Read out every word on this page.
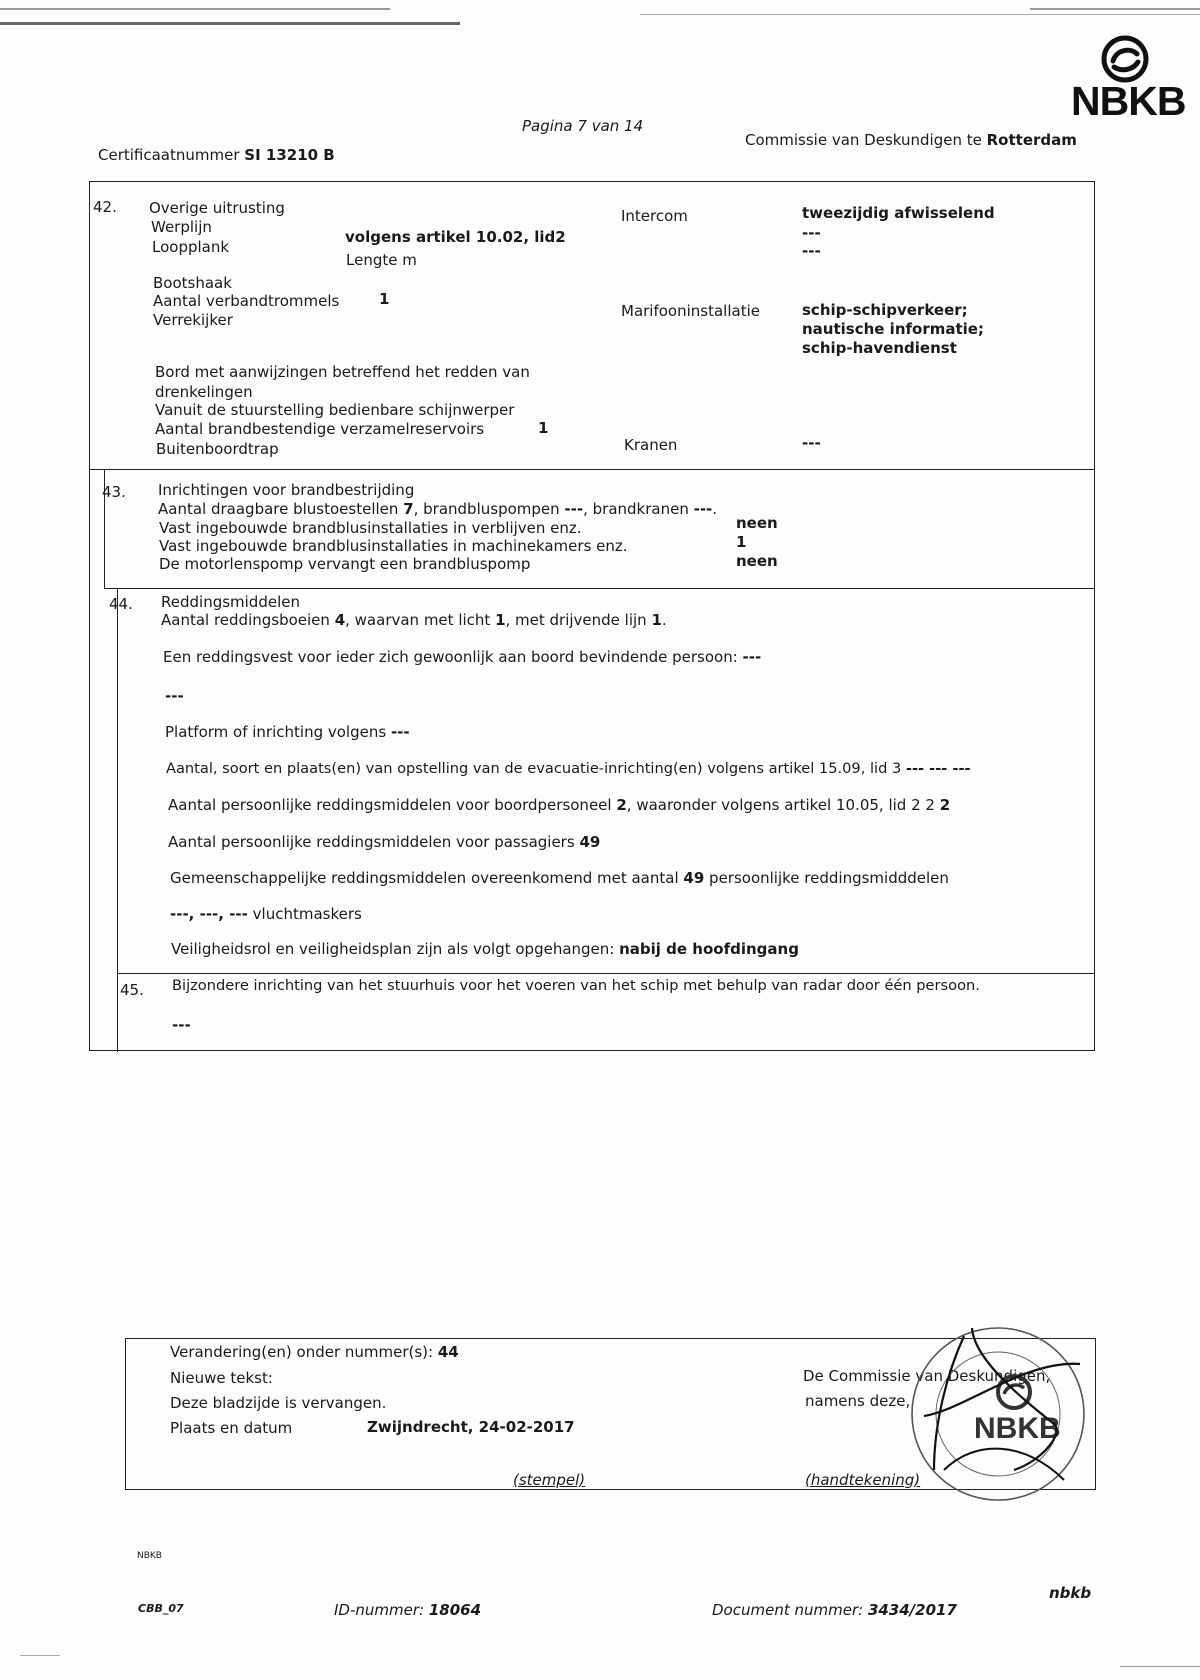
Pagina 7 van 14
Certificaatnummer SI 13210 B
Commissie van Deskundigen te Rotterdam
NBKB
42. Overige uitrusting
Werplijn
Loopplank
volgens artikel 10.02, lid2
Lengte m
Bootshaak
Aantal verbandtrommels	1
Verrekijker
Bord met aanwijzingen betreffend het redden van
drenkelingen
Vanuit de stuurstelling bedienbare schijnwerper
Aantal brandbestendige verzamelreservoirs	1
Buitenboordtrap
Intercom	tweezijdig afwisselend
---
---
Marifooninstallatie	schip-schipverkeer;
nautische informatie;
schip-havendienst
Kranen	---
43. Inrichtingen voor brandbestrijding
Aantal draagbare blustoestellen 7, brandbluspompen ---, brandkranen ---.
Vast ingebouwde brandblusinstallaties in verblijven enz.	neen
Vast ingebouwde brandblusinstallaties in machinekamers enz.	1
De motorlenspomp vervangt een brandbluspomp	neen
44. Reddingsmiddelen
Aantal reddingsboeien 4, waarvan met licht 1, met drijvende lijn 1.
Een reddingsvest voor ieder zich gewoonlijk aan boord bevindende persoon: ---
---
Platform of inrichting volgens ---
Aantal, soort en plaats(en) van opstelling van de evacuatie-inrichting(en) volgens artikel 15.09, lid 3 --- --- ---
Aantal persoonlijke reddingsmiddelen voor boordpersoneel 2, waaronder volgens artikel 10.05, lid 2 2 2
Aantal persoonlijke reddingsmiddelen voor passagiers 49
Gemeenschappelijke reddingsmiddelen overeenkomend met aantal 49 persoonlijke reddingsmidddelen
---, ---, --- vluchtmaskers
Veiligheidsrol en veiligheidsplan zijn als volgt opgehangen: nabij de hoofdingang
45. Bijzondere inrichting van het stuurhuis voor het voeren van het schip met behulp van radar door één persoon.
---
Verandering(en) onder nummer(s): 44
Nieuwe tekst:
Deze bladzijde is vervangen.
Plaats en datum	Zwijndrecht, 24-02-2017
De Commissie van Deskundigen,
namens deze,
(stempel)	(handtekening)
NBKB
NBKB
CBB_07	ID-nummer: 18064	Document nummer: 3434/2017
nbkb
